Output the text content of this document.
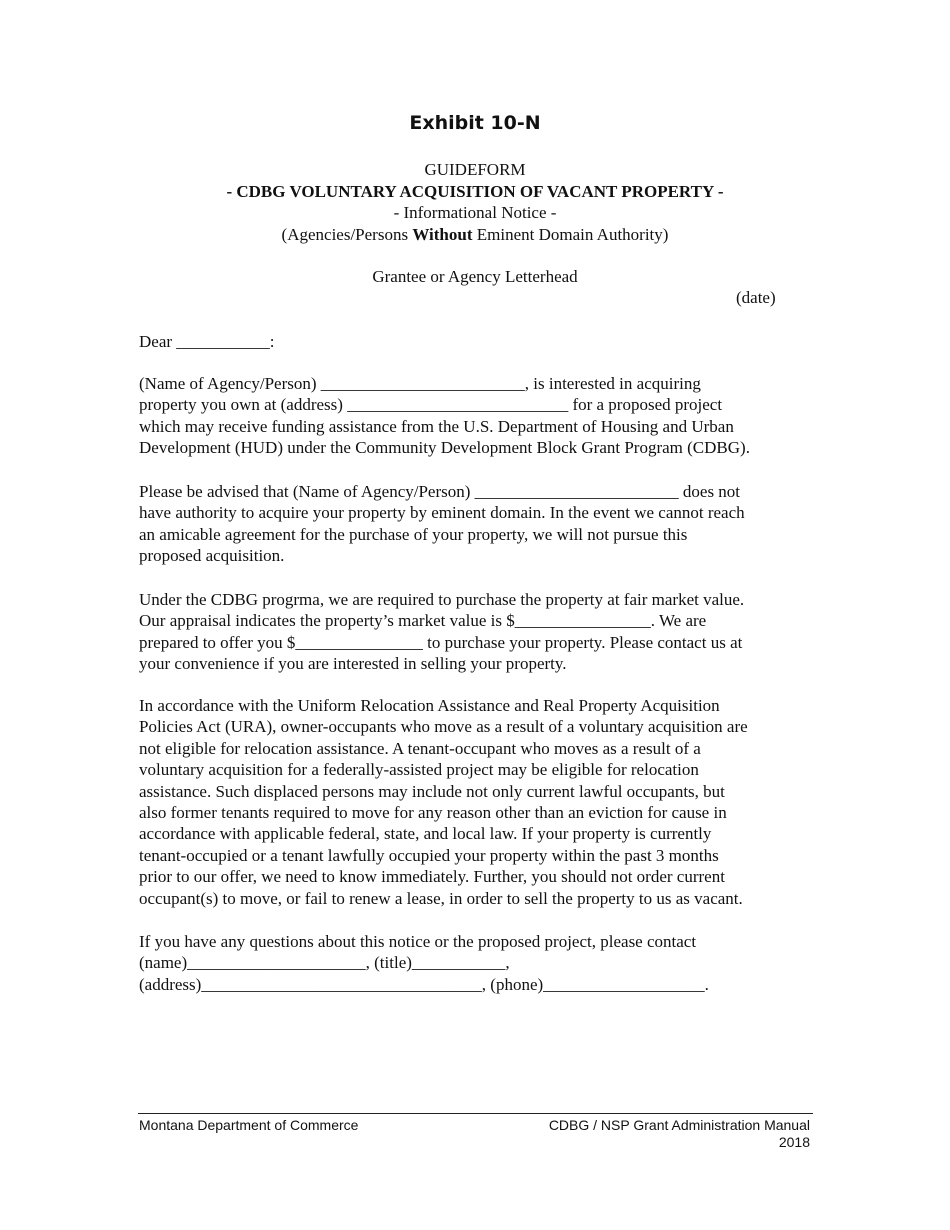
Exhibit 10-N
GUIDEFORM
- CDBG VOLUNTARY ACQUISITION OF VACANT PROPERTY -
- Informational Notice -
(Agencies/Persons Without Eminent Domain Authority)
Grantee or Agency Letterhead
(date)

Dear ___________:

(Name of Agency/Person) ________________________, is interested in acquiring

property you own at (address) __________________________ for a proposed project

which may receive funding assistance from the U.S. Department of Housing and Urban

Development (HUD) under the Community Development Block Grant Program (CDBG).

Please be advised that (Name of Agency/Person) ________________________ does not

have authority to acquire your property by eminent domain. In the event we cannot reach

an amicable agreement for the purchase of your property, we will not pursue this

proposed acquisition.

Under the CDBG progrma, we are required to purchase the property at fair market value.

Our appraisal indicates the property’s market value is $________________. We are

prepared to offer you $_______________ to purchase your property. Please contact us at

your convenience if you are interested in selling your property.

In accordance with the Uniform Relocation Assistance and Real Property Acquisition

Policies Act (URA), owner-occupants who move as a result of a voluntary acquisition are

not eligible for relocation assistance. A tenant-occupant who moves as a result of a

voluntary acquisition for a federally-assisted project may be eligible for relocation

assistance. Such displaced persons may include not only current lawful occupants, but

also former tenants required to move for any reason other than an eviction for cause in

accordance with applicable federal, state, and local law. If your property is currently

tenant-occupied or a tenant lawfully occupied your property within the past 3 months

prior to our offer, we need to know immediately. Further, you should not order current

occupant(s) to move, or fail to renew a lease, in order to sell the property to us as vacant.

If you have any questions about this notice or the proposed project, please contact

(name)_____________________, (title)___________,

(address)_________________________________, (phone)___________________.

Montana Department of Commerce	CDBG / NSP Grant Administration Manual
2018
